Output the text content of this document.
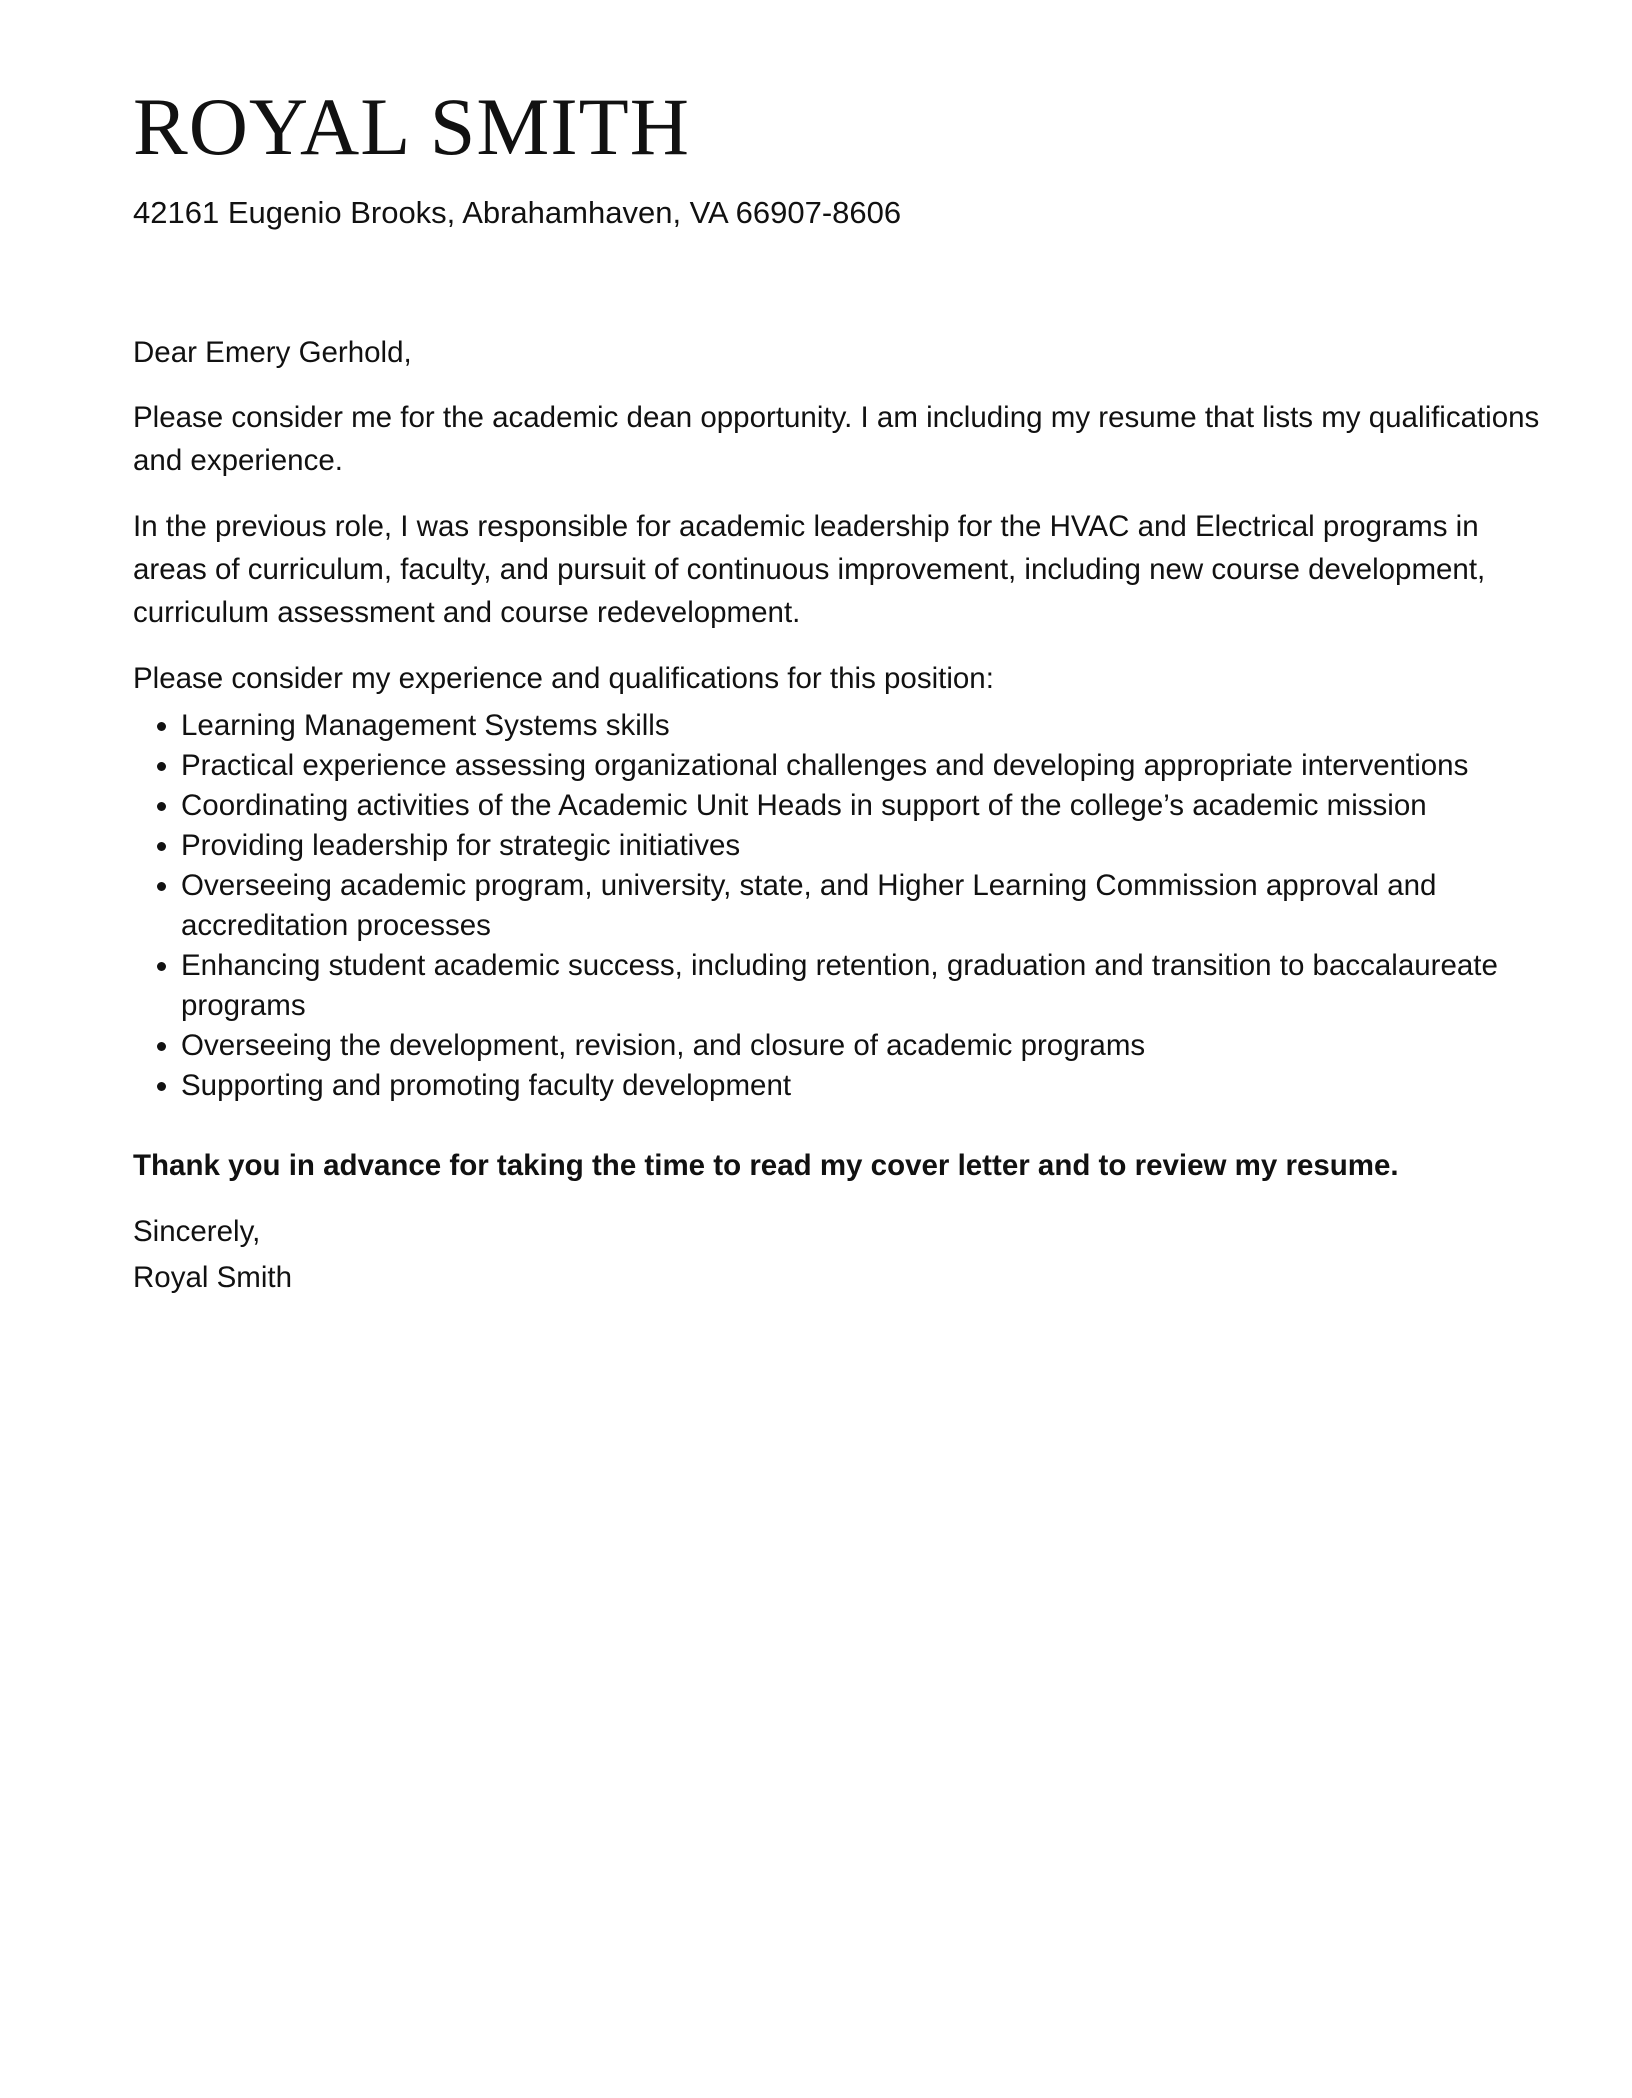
ROYAL SMITH
42161 Eugenio Brooks, Abrahamhaven, VA 66907-8606

Dear Emery Gerhold,

Please consider me for the academic dean opportunity. I am including my resume that lists my qualifications and experience.

In the previous role, I was responsible for academic leadership for the HVAC and Electrical programs in areas of curriculum, faculty, and pursuit of continuous improvement, including new course development, curriculum assessment and course redevelopment.

Please consider my experience and qualifications for this position:

• Learning Management Systems skills
• Practical experience assessing organizational challenges and developing appropriate interventions
• Coordinating activities of the Academic Unit Heads in support of the college’s academic mission
• Providing leadership for strategic initiatives
• Overseeing academic program, university, state, and Higher Learning Commission approval and accreditation processes
• Enhancing student academic success, including retention, graduation and transition to baccalaureate programs
• Overseeing the development, revision, and closure of academic programs
• Supporting and promoting faculty development

Thank you in advance for taking the time to read my cover letter and to review my resume.

Sincerely,
Royal Smith
